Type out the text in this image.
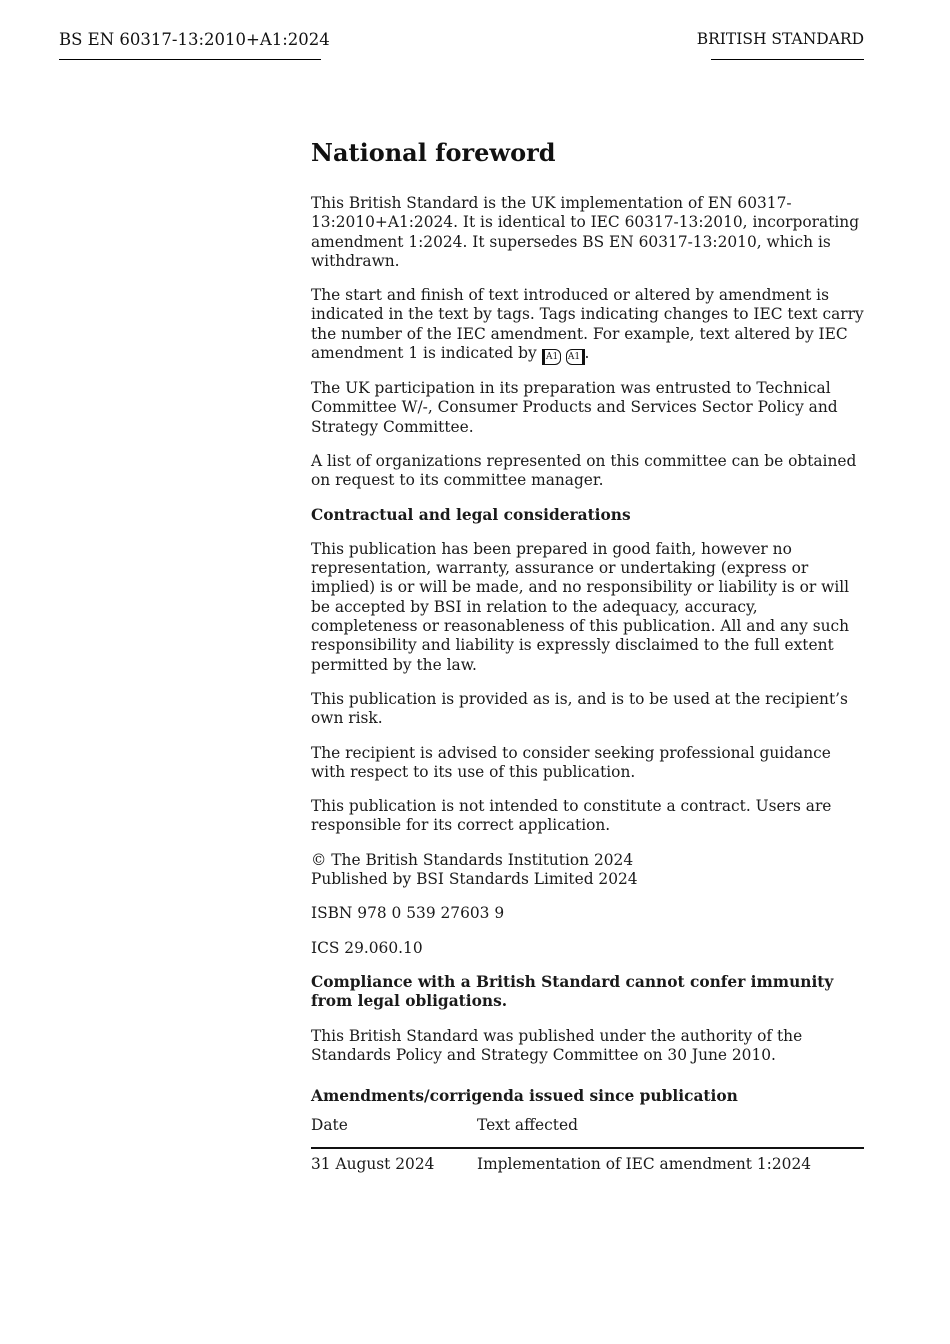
BS EN 60317-13:2010+A1:2024	BRITISH STANDARD
National foreword

This British Standard is the UK implementation of EN 60317-13:2010+A1:2024. It is identical to IEC 60317-13:2010, incorporating amendment 1:2024. It supersedes BS EN 60317-13:2010, which is withdrawn.

The start and finish of text introduced or altered by amendment is indicated in the text by tags. Tags indicating changes to IEC text carry the number of the IEC amendment. For example, text altered by IEC amendment 1 is indicated by A1 A1 .

The UK participation in its preparation was entrusted to Technical Committee W/-, Consumer Products and Services Sector Policy and Strategy Committee.

A list of organizations represented on this committee can be obtained on request to its committee manager.

Contractual and legal considerations

This publication has been prepared in good faith, however no representation, warranty, assurance or undertaking (express or implied) is or will be made, and no responsibility or liability is or will be accepted by BSI in relation to the adequacy, accuracy, completeness or reasonableness of this publication. All and any such responsibility and liability is expressly disclaimed to the full extent permitted by the law.

This publication is provided as is, and is to be used at the recipient’s own risk.

The recipient is advised to consider seeking professional guidance with respect to its use of this publication.

This publication is not intended to constitute a contract. Users are responsible for its correct application.

© The British Standards Institution 2024
Published by BSI Standards Limited 2024

ISBN 978 0 539 27603 9

ICS 29.060.10

Compliance with a British Standard cannot confer immunity from legal obligations.

This British Standard was published under the authority of the Standards Policy and Strategy Committee on 30 June 2010.

Amendments/corrigenda issued since publication
Date	Text affected
31 August 2024	Implementation of IEC amendment 1:2024
